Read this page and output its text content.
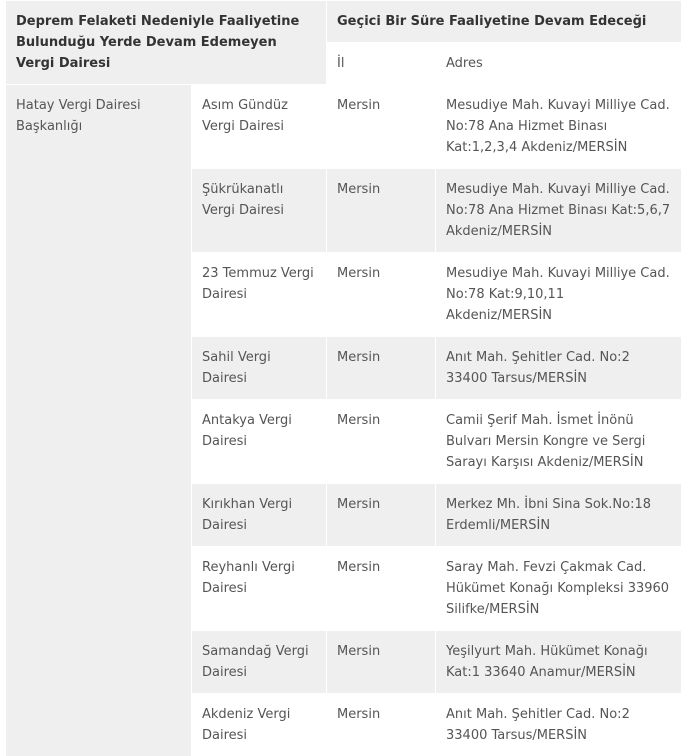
Deprem Felaketi Nedeniyle Faaliyetine Bulunduğu Yerde Devam Edemeyen Vergi Dairesi		Geçici Bir Süre Faaliyetine Devam Edeceği	
		İl	Adres
Hatay Vergi Dairesi Başkanlığı	Asım Gündüz Vergi Dairesi	Mersin	Mesudiye Mah. Kuvayi Milliye Cad. No:78 Ana Hizmet Binası Kat:1,2,3,4 Akdeniz/MERSİN
	Şükrükanatlı Vergi Dairesi	Mersin	Mesudiye Mah. Kuvayi Milliye Cad. No:78 Ana Hizmet Binası Kat:5,6,7 Akdeniz/MERSİN
	23 Temmuz Vergi Dairesi	Mersin	Mesudiye Mah. Kuvayi Milliye Cad. No:78 Kat:9,10,11 Akdeniz/MERSİN
	Sahil Vergi Dairesi	Mersin	Anıt Mah. Şehitler Cad. No:2 33400 Tarsus/MERSİN
	Antakya Vergi Dairesi	Mersin	Camii Şerif Mah. İsmet İnönü Bulvarı Mersin Kongre ve Sergi Sarayı Karşısı Akdeniz/MERSİN
	Kırıkhan Vergi Dairesi	Mersin	Merkez Mh. İbni Sina Sok.No:18 Erdemli/MERSİN
	Reyhanlı Vergi Dairesi	Mersin	Saray Mah. Fevzi Çakmak Cad. Hükümet Konağı Kompleksi 33960 Silifke/MERSİN
	Samandağ Vergi Dairesi	Mersin	Yeşilyurt Mah. Hükümet Konağı Kat:1 33640 Anamur/MERSİN
	Akdeniz Vergi Dairesi	Mersin	Anıt Mah. Şehitler Cad. No:2 33400 Tarsus/MERSİN
